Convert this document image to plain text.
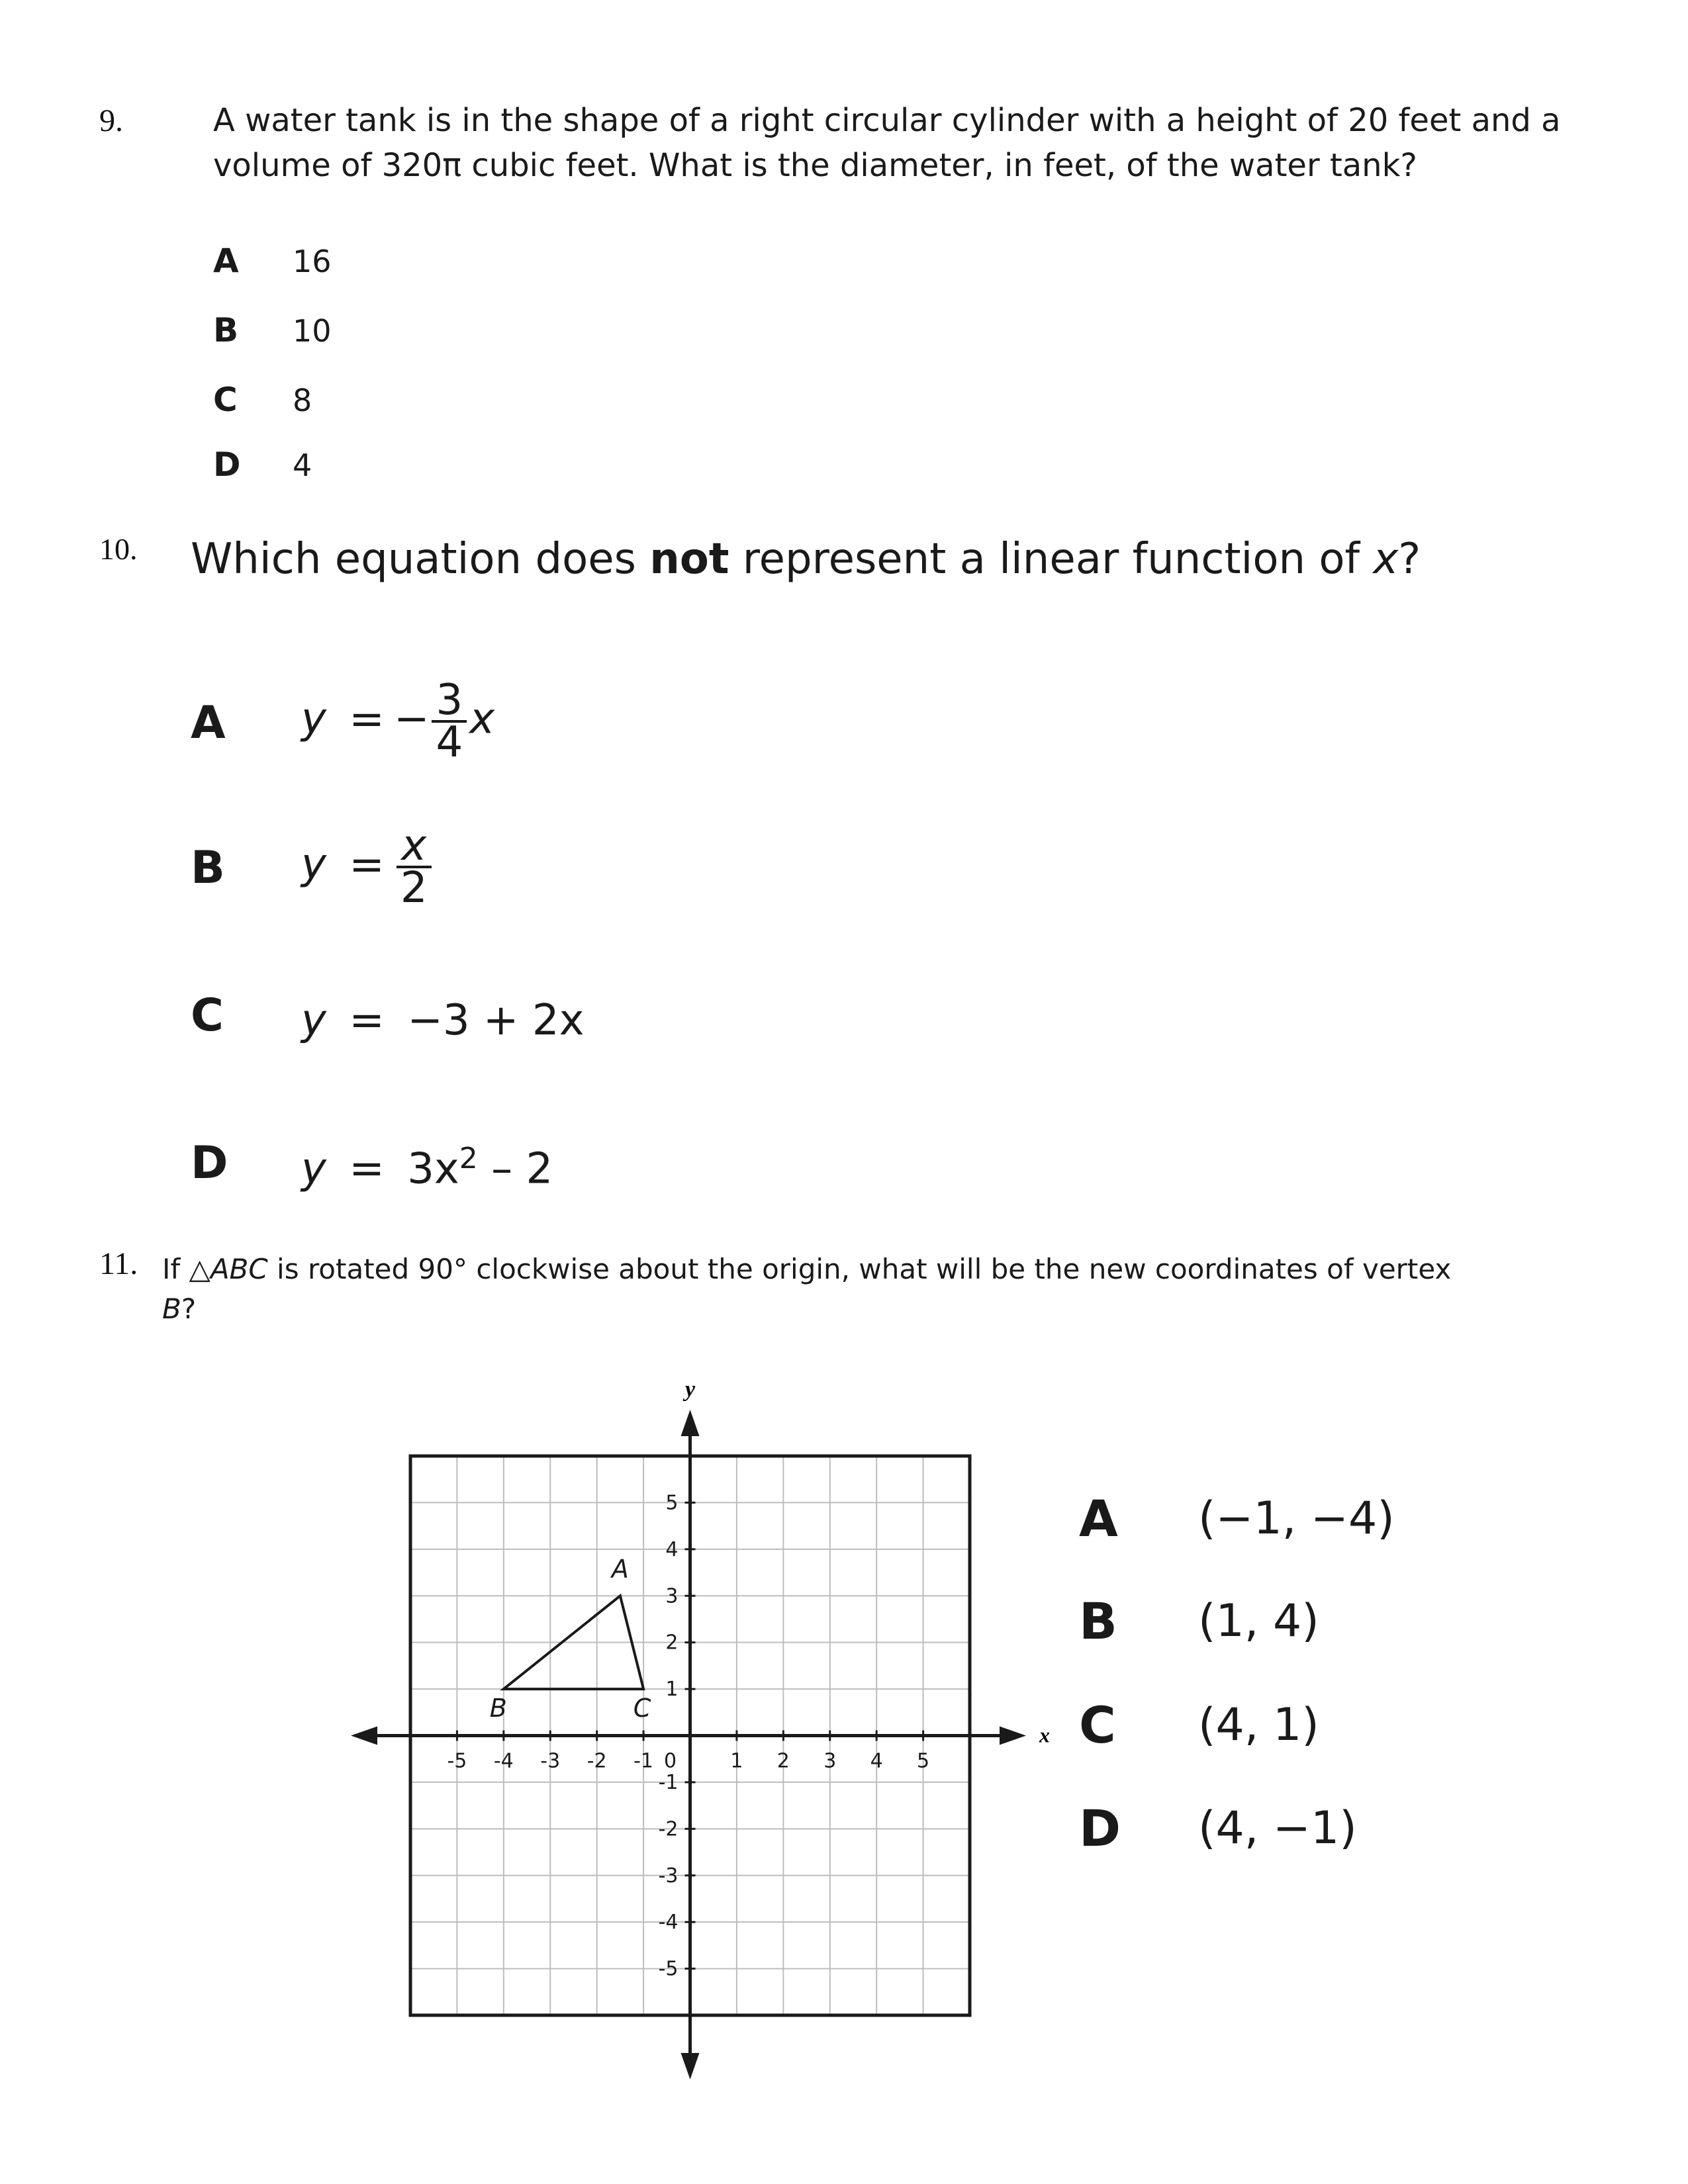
9.	A water tank is in the shape of a right circular cylinder with a height of 20 feet and a volume of 320π cubic feet. What is the diameter, in feet, of the water tank?
A 16
B 10
C 8
D 4
10. Which equation does not represent a linear function of x?
A y = − $\frac{3}{4}$ x
B $y = \frac{x}{2}$
C y = −3 + 2x
D $y = 3x^2 - 2$
11. If △ABC is rotated 90° clockwise about the origin, what will be the new coordinates of vertex B?
-5 -4 -3 -2 -1 0	1 2 3 4 5
5
4
3
2
1
-1
-2
-3
-4
-5
A
B	C
x
y
A (−1, −4)
B (1, 4)
C (4, 1)
D (4, −1)
